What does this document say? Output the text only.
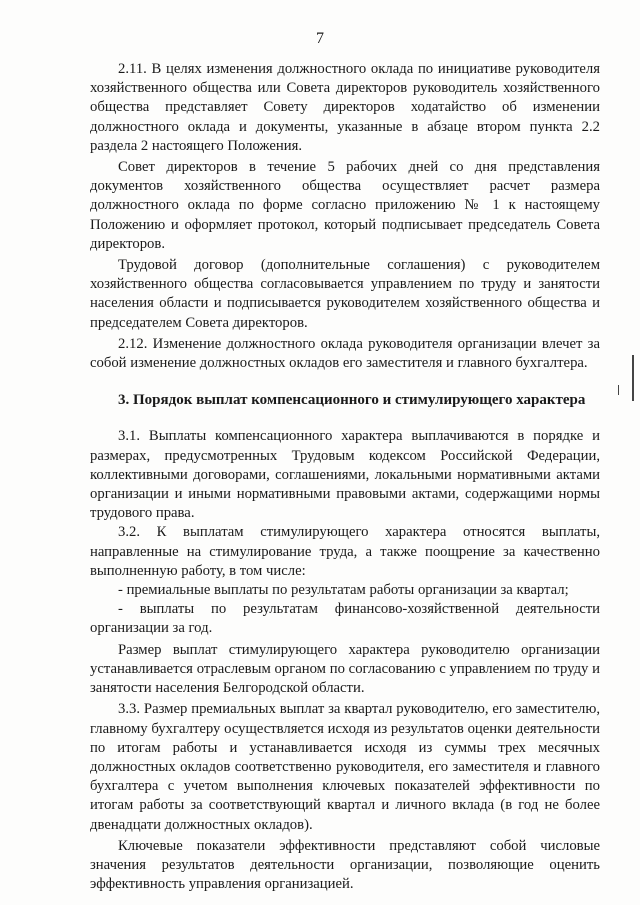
7

2.11. В целях изменения должностного оклада по инициативе руководителя хозяйственного общества или Совета директоров руководитель хозяйственного общества представляет Совету директоров ходатайство об изменении должностного оклада и документы, указанные в абзаце втором пункта 2.2 раздела 2 настоящего Положения.

Совет директоров в течение 5 рабочих дней со дня представления документов хозяйственного общества осуществляет расчет размера должностного оклада по форме согласно приложению № 1 к настоящему Положению и оформляет протокол, который подписывает председатель Совета директоров.

Трудовой договор (дополнительные соглашения) с руководителем хозяйственного общества согласовывается управлением по труду и занятости населения области и подписывается руководителем хозяйственного общества и председателем Совета директоров.

2.12. Изменение должностного оклада руководителя организации влечет за собой изменение должностных окладов его заместителя и главного бухгалтера.

3. Порядок выплат компенсационного и стимулирующего характера

3.1. Выплаты компенсационного характера выплачиваются в порядке и размерах, предусмотренных Трудовым кодексом Российской Федерации, коллективными договорами, соглашениями, локальными нормативными актами организации и иными нормативными правовыми актами, содержащими нормы трудового права.

3.2. К выплатам стимулирующего характера относятся выплаты, направленные на стимулирование труда, а также поощрение за качественно выполненную работу, в том числе:

- премиальные выплаты по результатам работы организации за квартал;

- выплаты по результатам финансово-хозяйственной деятельности организации за год.

Размер выплат стимулирующего характера руководителю организации устанавливается отраслевым органом по согласованию с управлением по труду и занятости населения Белгородской области.

3.3. Размер премиальных выплат за квартал руководителю, его заместителю, главному бухгалтеру осуществляется исходя из результатов оценки деятельности по итогам работы и устанавливается исходя из суммы трех месячных должностных окладов соответственно руководителя, его заместителя и главного бухгалтера с учетом выполнения ключевых показателей эффективности по итогам работы за соответствующий квартал и личного вклада (в год не более двенадцати должностных окладов).

Ключевые показатели эффективности представляют собой числовые значения результатов деятельности организации, позволяющие оценить эффективность управления организацией.
